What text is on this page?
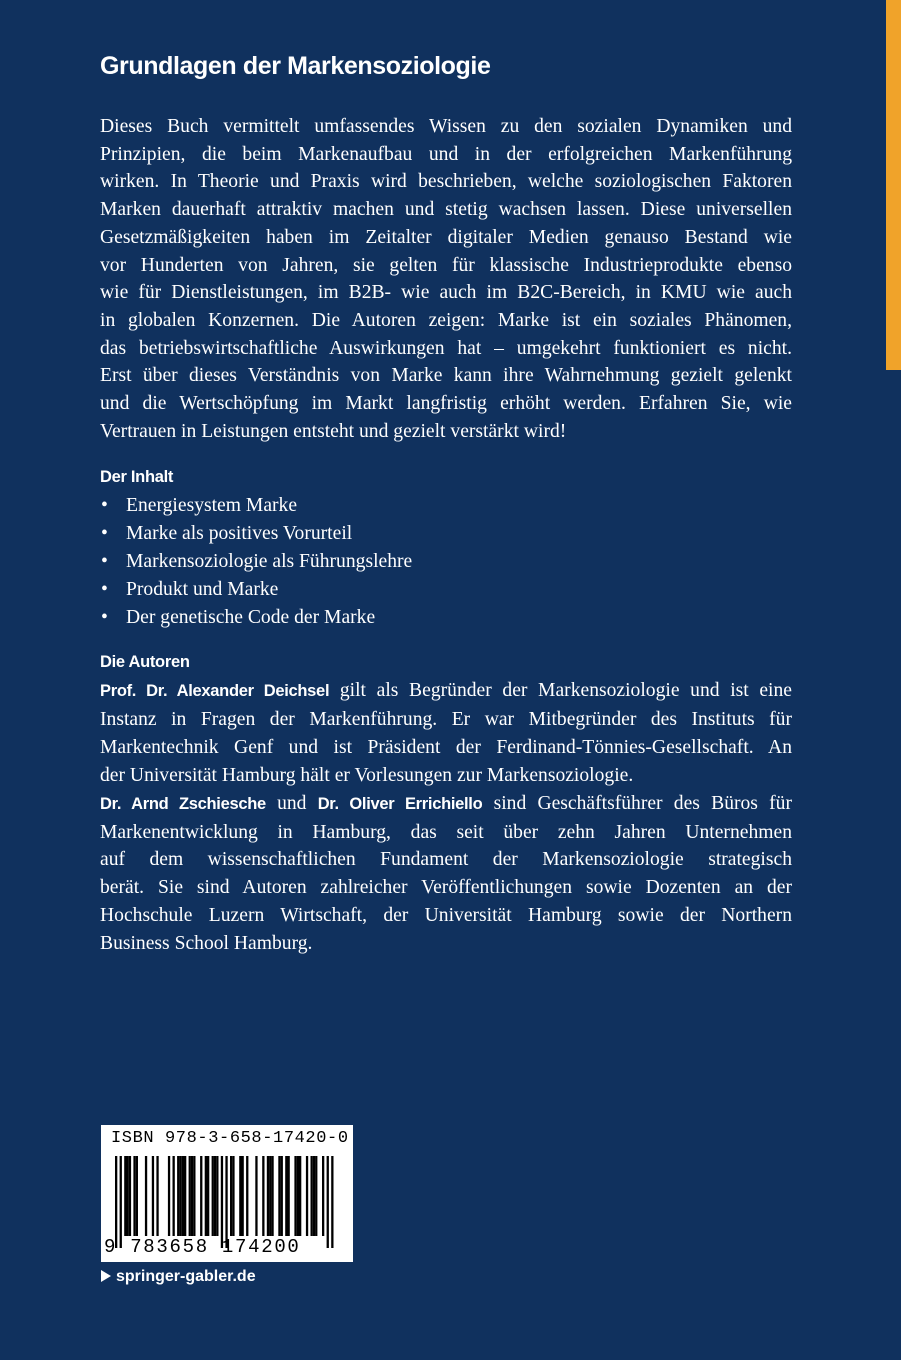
Grundlagen der Markensoziologie
Dieses Buch vermittelt umfassendes Wissen zu den sozialen Dynamiken und
Prinzipien, die beim Markenaufbau und in der erfolgreichen Markenführung
wirken. In Theorie und Praxis wird beschrieben, welche soziologischen Faktoren
Marken dauerhaft attraktiv machen und stetig wachsen lassen. Diese universellen
Gesetzmäßigkeiten haben im Zeitalter digitaler Medien genauso Bestand wie
vor Hunderten von Jahren, sie gelten für klassische Industrieprodukte ebenso
wie für Dienstleistungen, im B2B- wie auch im B2C-Bereich, in KMU wie auch
in globalen Konzernen. Die Autoren zeigen: Marke ist ein soziales Phänomen,
das betriebswirtschaftliche Auswirkungen hat – umgekehrt funktioniert es nicht.
Erst über dieses Verständnis von Marke kann ihre Wahrnehmung gezielt gelenkt
und die Wertschöpfung im Markt langfristig erhöht werden. Erfahren Sie, wie
Vertrauen in Leistungen entsteht und gezielt verstärkt wird!
Der Inhalt
• Energiesystem Marke
• Marke als positives Vorurteil
• Markensoziologie als Führungslehre
• Produkt und Marke
• Der genetische Code der Marke
Die Autoren
Prof. Dr. Alexander Deichsel gilt als Begründer der Markensoziologie und ist eine
Instanz in Fragen der Markenführung. Er war Mitbegründer des Instituts für
Markentechnik Genf und ist Präsident der Ferdinand-Tönnies-Gesellschaft. An
der Universität Hamburg hält er Vorlesungen zur Markensoziologie.
Dr. Arnd Zschiesche und Dr. Oliver Errichiello sind Geschäftsführer des Büros für
Markenentwicklung in Hamburg, das seit über zehn Jahren Unternehmen
auf dem wissenschaftlichen Fundament der Markensoziologie strategisch
berät. Sie sind Autoren zahlreicher Veröffentlichungen sowie Dozenten an der
Hochschule Luzern Wirtschaft, der Universität Hamburg sowie der Northern
Business School Hamburg.
ISBN 978-3-658-17420-0
9 783658 174200
springer-gabler.de
